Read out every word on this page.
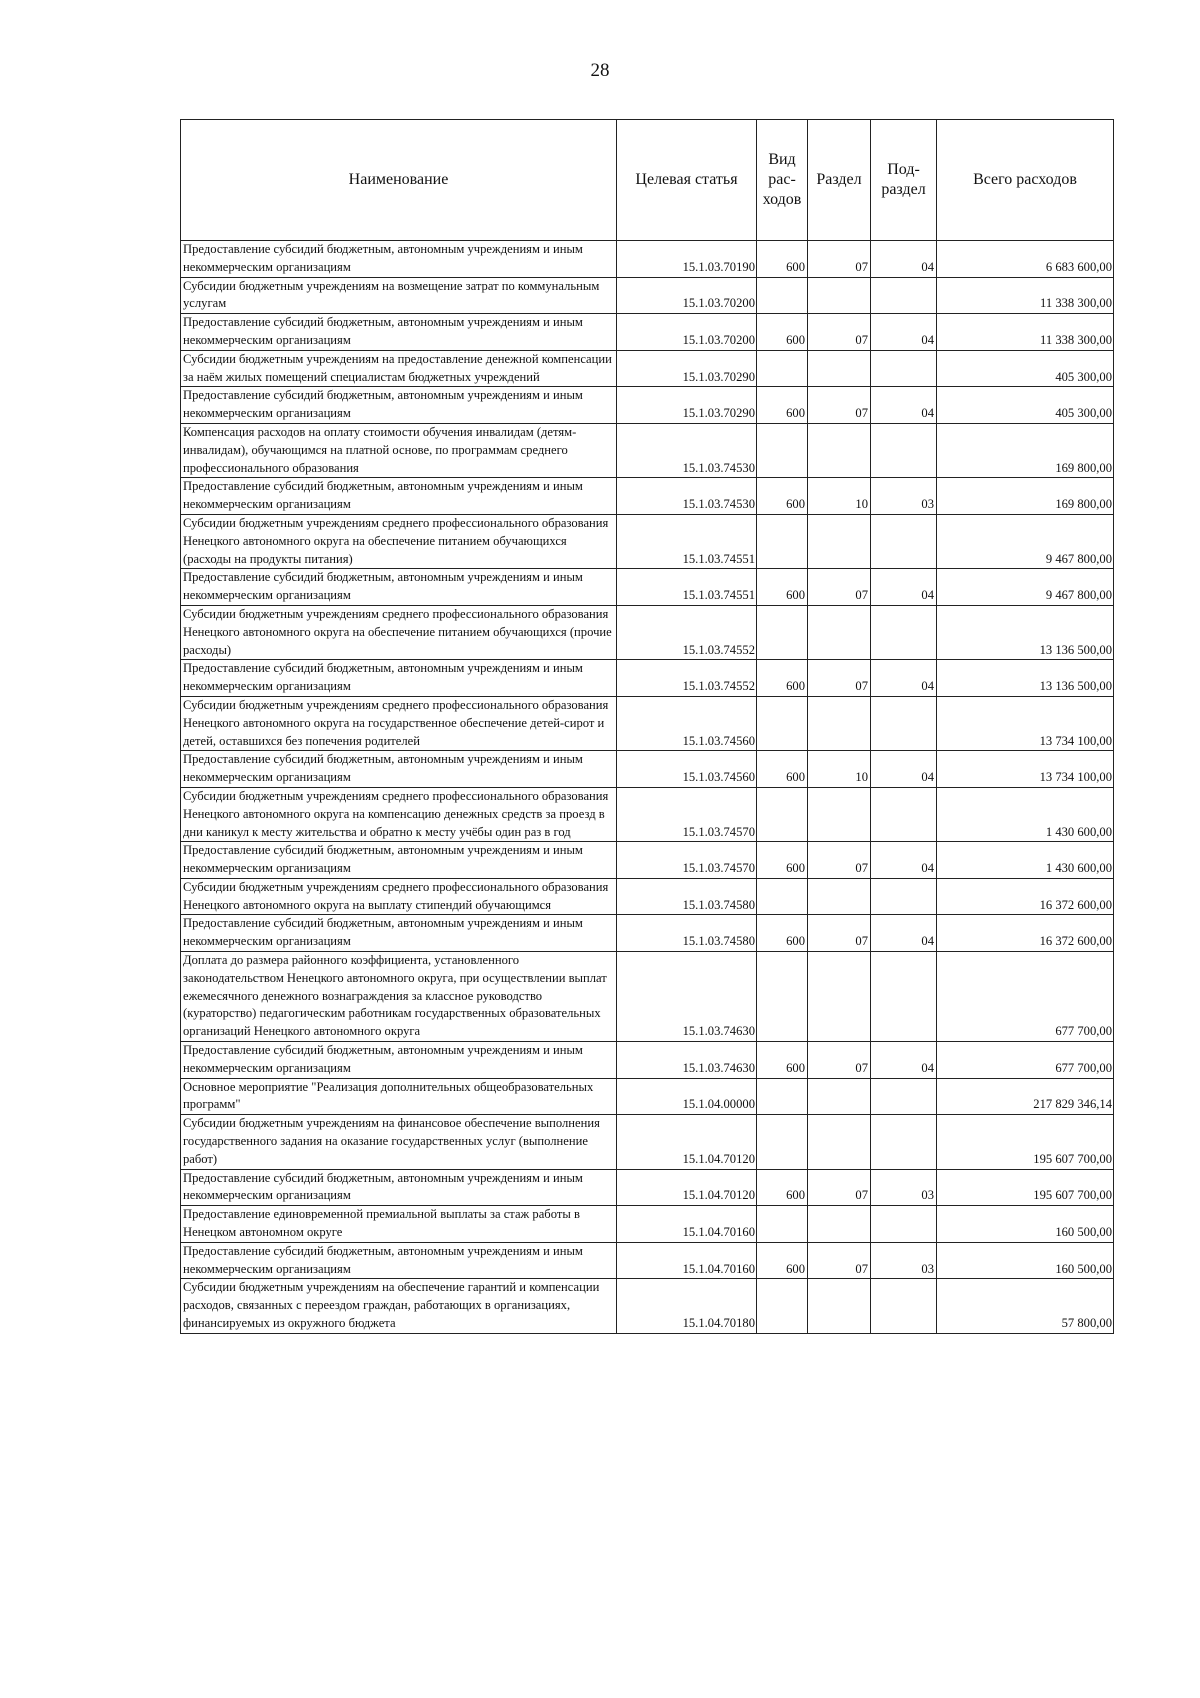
28
Наименование	Целевая статья	Вид рас-ходов	Раздел	Под-раздел	Всего расходов
Предоставление субсидий бюджетным, автономным учреждениям и иным некоммерческим организациям	15.1.03.70190	600	07	04	6 683 600,00
Субсидии бюджетным учреждениям на возмещение затрат по коммунальным услугам	15.1.03.70200				11 338 300,00
Предоставление субсидий бюджетным, автономным учреждениям и иным некоммерческим организациям	15.1.03.70200	600	07	04	11 338 300,00
Субсидии бюджетным учреждениям на предоставление денежной компенсации за наём жилых помещений специалистам бюджетных учреждений	15.1.03.70290				405 300,00
Предоставление субсидий бюджетным, автономным учреждениям и иным некоммерческим организациям	15.1.03.70290	600	07	04	405 300,00
Компенсация расходов на оплату стоимости обучения инвалидам (детям-инвалидам), обучающимся на платной основе, по программам среднего профессионального образования	15.1.03.74530				169 800,00
Предоставление субсидий бюджетным, автономным учреждениям и иным некоммерческим организациям	15.1.03.74530	600	10	03	169 800,00
Субсидии бюджетным учреждениям среднего профессионального образования Ненецкого автономного округа на обеспечение питанием обучающихся (расходы на продукты питания)	15.1.03.74551				9 467 800,00
Предоставление субсидий бюджетным, автономным учреждениям и иным некоммерческим организациям	15.1.03.74551	600	07	04	9 467 800,00
Субсидии бюджетным учреждениям среднего профессионального образования Ненецкого автономного округа на обеспечение питанием обучающихся (прочие расходы)	15.1.03.74552				13 136 500,00
Предоставление субсидий бюджетным, автономным учреждениям и иным некоммерческим организациям	15.1.03.74552	600	07	04	13 136 500,00
Субсидии бюджетным учреждениям среднего профессионального образования Ненецкого автономного округа на государственное обеспечение детей-сирот и детей, оставшихся без попечения родителей	15.1.03.74560				13 734 100,00
Предоставление субсидий бюджетным, автономным учреждениям и иным некоммерческим организациям	15.1.03.74560	600	10	04	13 734 100,00
Субсидии бюджетным учреждениям среднего профессионального образования Ненецкого автономного округа на компенсацию денежных средств за проезд в дни каникул к месту жительства и обратно к месту учёбы один раз в год	15.1.03.74570				1 430 600,00
Предоставление субсидий бюджетным, автономным учреждениям и иным некоммерческим организациям	15.1.03.74570	600	07	04	1 430 600,00
Субсидии бюджетным учреждениям среднего профессионального образования Ненецкого автономного округа на выплату стипендий обучающимся	15.1.03.74580				16 372 600,00
Предоставление субсидий бюджетным, автономным учреждениям и иным некоммерческим организациям	15.1.03.74580	600	07	04	16 372 600,00
Доплата до размера районного коэффициента, установленного законодательством Ненецкого автономного округа, при осуществлении выплат ежемесячного денежного вознаграждения за классное руководство (кураторство) педагогическим работникам государственных образовательных организаций Ненецкого автономного округа	15.1.03.74630				677 700,00
Предоставление субсидий бюджетным, автономным учреждениям и иным некоммерческим организациям	15.1.03.74630	600	07	04	677 700,00
Основное мероприятие "Реализация дополнительных общеобразовательных программ"	15.1.04.00000				217 829 346,14
Субсидии бюджетным учреждениям на финансовое обеспечение выполнения государственного задания на оказание государственных услуг (выполнение работ)	15.1.04.70120				195 607 700,00
Предоставление субсидий бюджетным, автономным учреждениям и иным некоммерческим организациям	15.1.04.70120	600	07	03	195 607 700,00
Предоставление единовременной премиальной выплаты за стаж работы в Ненецком автономном округе	15.1.04.70160				160 500,00
Предоставление субсидий бюджетным, автономным учреждениям и иным некоммерческим организациям	15.1.04.70160	600	07	03	160 500,00
Субсидии бюджетным учреждениям на обеспечение гарантий и компенсации расходов, связанных с переездом граждан, работающих в организациях, финансируемых из окружного бюджета	15.1.04.70180				57 800,00
